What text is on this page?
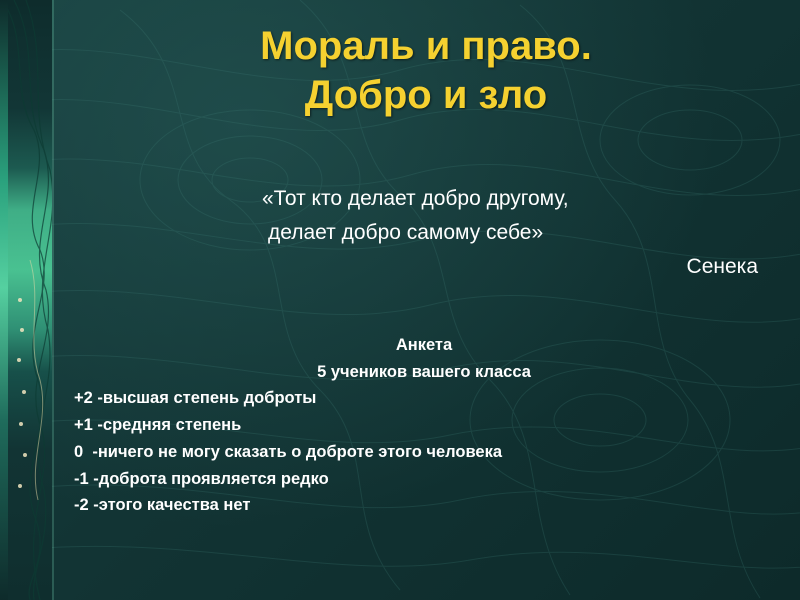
Мораль и право.
Добро и зло
«Тот кто делает добро другому,
делает добро самому себе»
Сенека
Анкета
5 учеников вашего класса
+2 -высшая степень доброты
+1 -средняя степень
0  -ничего не могу сказать о доброте этого человека
-1 -доброта проявляется редко
-2 -этого качества нет
